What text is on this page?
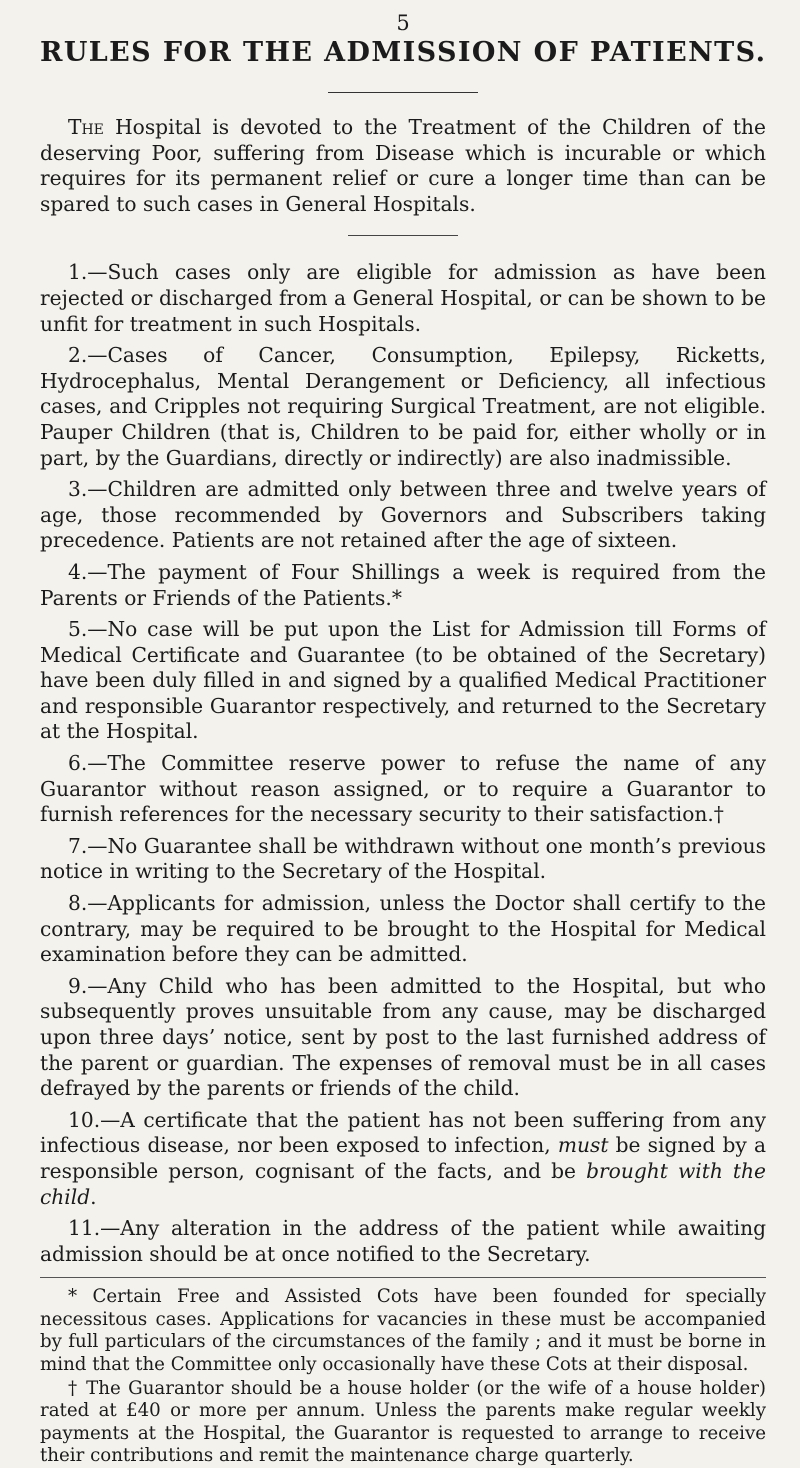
5
RULES FOR THE ADMISSION OF PATIENTS.

The Hospital is devoted to the Treatment of the Children of the deserving Poor, suffering from Disease which is incurable or which requires for its permanent relief or cure a longer time than can be spared to such cases in General Hospitals.

1.—Such cases only are eligible for admission as have been rejected or discharged from a General Hospital, or can be shown to be unfit for treatment in such Hospitals.

2.—Cases of Cancer, Consumption, Epilepsy, Ricketts, Hydrocephalus, Mental Derangement or Deficiency, all infectious cases, and Cripples not requiring Surgical Treatment, are not eligible. Pauper Children (that is, Children to be paid for, either wholly or in part, by the Guardians, directly or indirectly) are also inadmissible.

3.—Children are admitted only between three and twelve years of age, those recommended by Governors and Subscribers taking precedence. Patients are not retained after the age of sixteen.

4.—The payment of Four Shillings a week is required from the Parents or Friends of the Patients.*

5.—No case will be put upon the List for Admission till Forms of Medical Certificate and Guarantee (to be obtained of the Secretary) have been duly filled in and signed by a qualified Medical Practitioner and responsible Guarantor respectively, and returned to the Secretary at the Hospital.

6.—The Committee reserve power to refuse the name of any Guarantor without reason assigned, or to require a Guarantor to furnish references for the necessary security to their satisfaction.†

7.—No Guarantee shall be withdrawn without one month’s previous notice in writing to the Secretary of the Hospital.

8.—Applicants for admission, unless the Doctor shall certify to the contrary, may be required to be brought to the Hospital for Medical examination before they can be admitted.

9.—Any Child who has been admitted to the Hospital, but who subsequently proves unsuitable from any cause, may be discharged upon three days’ notice, sent by post to the last furnished address of the parent or guardian. The expenses of removal must be in all cases defrayed by the parents or friends of the child.

10.—A certificate that the patient has not been suffering from any infectious disease, nor been exposed to infection, must be signed by a responsible person, cognisant of the facts, and be brought with the child.

11.—Any alteration in the address of the patient while awaiting admission should be at once notified to the Secretary.

* Certain Free and Assisted Cots have been founded for specially necessitous cases. Applications for vacancies in these must be accompanied by full particulars of the circumstances of the family ; and it must be borne in mind that the Committee only occasionally have these Cots at their disposal.

† The Guarantor should be a house holder (or the wife of a house holder) rated at £40 or more per annum. Unless the parents make regular weekly payments at the Hospital, the Guarantor is requested to arrange to receive their contributions and remit the maintenance charge quarterly.
